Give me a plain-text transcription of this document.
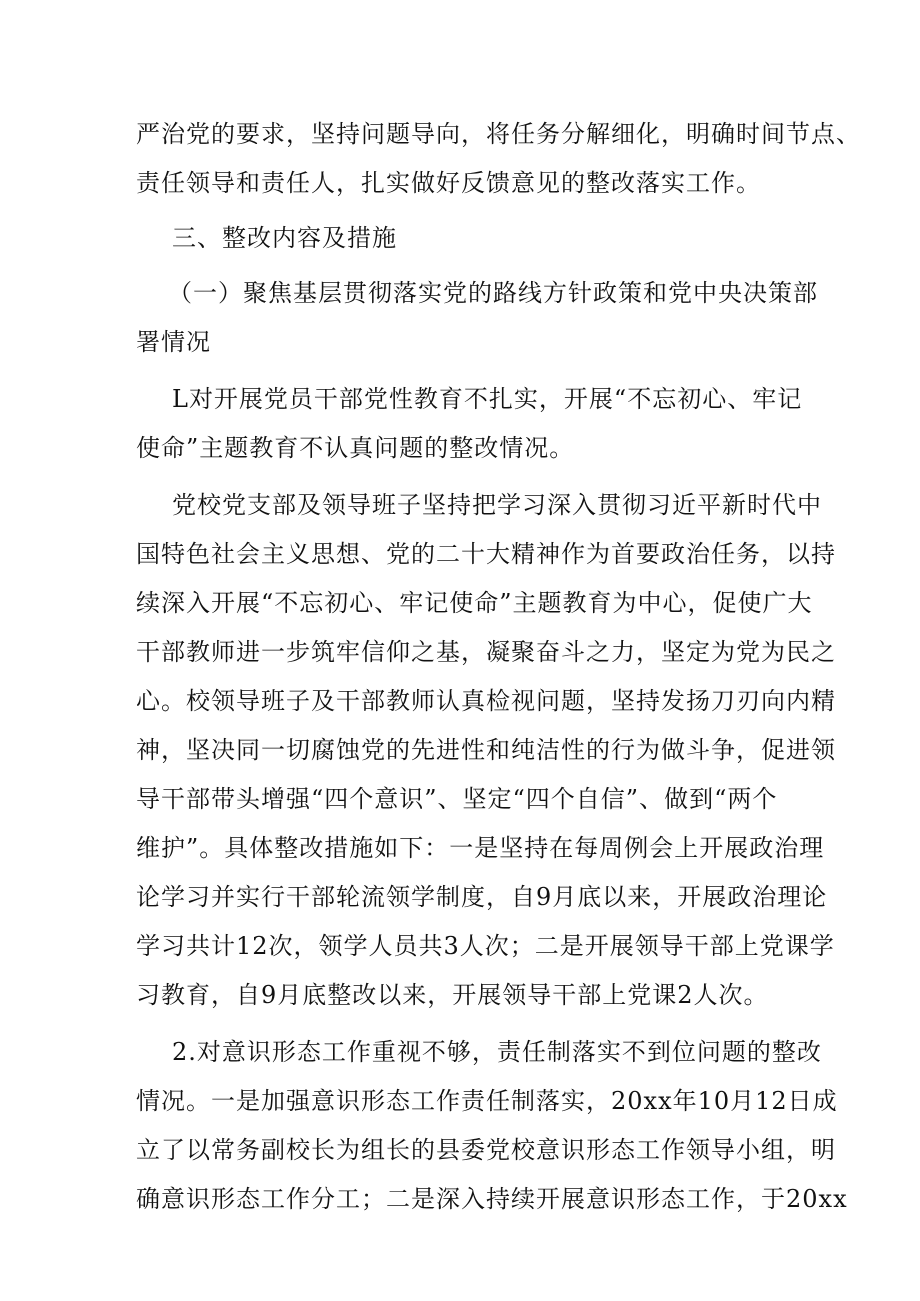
严治党的要求，坚持问题导向，将任务分解细化，明确时间节点、
责任领导和责任人，扎实做好反馈意见的整改落实工作。
三、整改内容及措施
（一）聚焦基层贯彻落实党的路线方针政策和党中央决策部
署情况
L对开展党员干部党性教育不扎实，开展“不忘初心、牢记
使命”主题教育不认真问题的整改情况。
党校党支部及领导班子坚持把学习深入贯彻习近平新时代中
国特色社会主义思想、党的二十大精神作为首要政治任务，以持
续深入开展“不忘初心、牢记使命”主题教育为中心，促使广大
干部教师进一步筑牢信仰之基，凝聚奋斗之力，坚定为党为民之
心。校领导班子及干部教师认真检视问题，坚持发扬刀刃向内精
神，坚决同一切腐蚀党的先进性和纯洁性的行为做斗争，促进领
导干部带头增强“四个意识”、坚定“四个自信”、做到“两个
维护”。具体整改措施如下：一是坚持在每周例会上开展政治理
论学习并实行干部轮流领学制度，自9月底以来，开展政治理论
学习共计12次，领学人员共3人次；二是开展领导干部上党课学
习教育，自9月底整改以来，开展领导干部上党课2人次。
2.对意识形态工作重视不够，责任制落实不到位问题的整改
情况。一是加强意识形态工作责任制落实，20xx年10月12日成
立了以常务副校长为组长的县委党校意识形态工作领导小组，明
确意识形态工作分工；二是深入持续开展意识形态工作，于20xx
